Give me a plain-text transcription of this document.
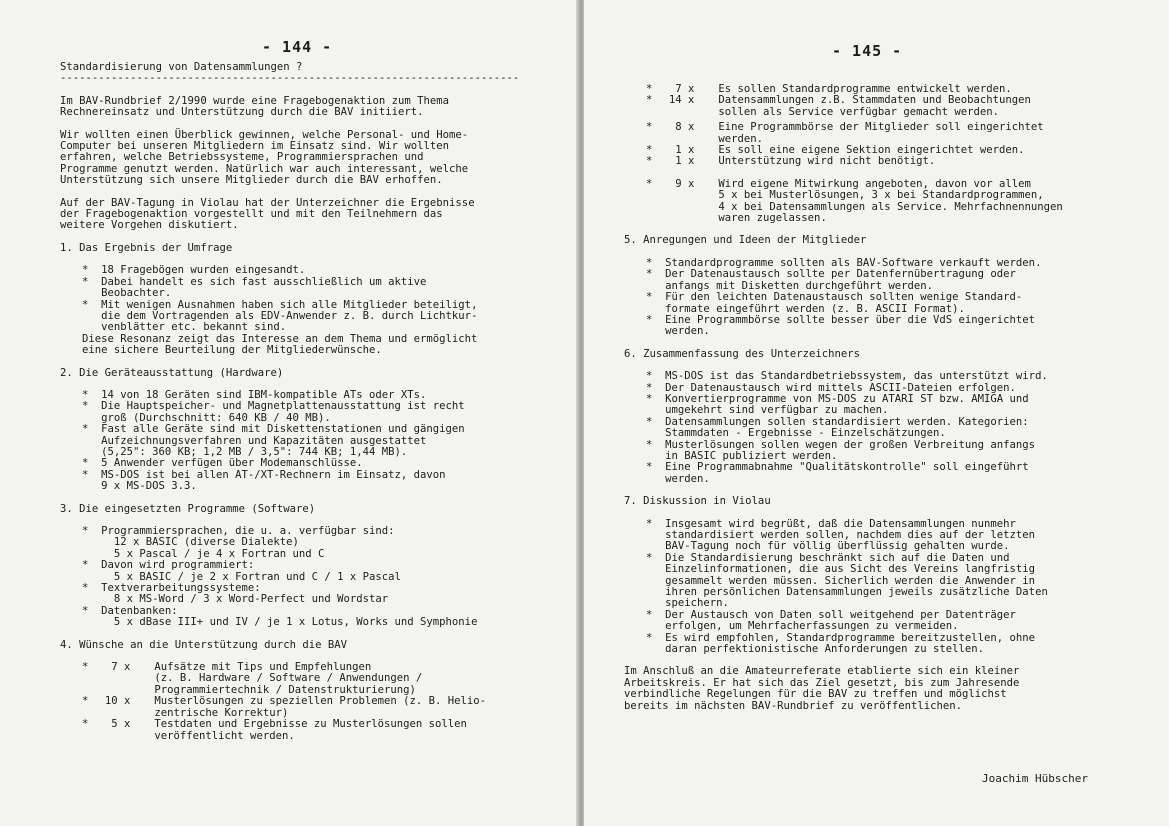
- 144 -
Standardisierung von Datensammlungen ?
------------------------------------------------------------------------
Im BAV-Rundbrief 2/1990 wurde eine Fragebogenaktion zum Thema
Rechnereinsatz und Unterstützung durch die BAV initiiert.
Wir wollten einen Überblick gewinnen, welche Personal- und Home-
Computer bei unseren Mitgliedern im Einsatz sind. Wir wollten
erfahren, welche Betriebssysteme, Programmiersprachen und
Programme genutzt werden. Natürlich war auch interessant, welche
Unterstützung sich unsere Mitglieder durch die BAV erhoffen.
Auf der BAV-Tagung in Violau hat der Unterzeichner die Ergebnisse
der Fragebogenaktion vorgestellt und mit den Teilnehmern das
weitere Vorgehen diskutiert.
1. Das Ergebnis der Umfrage
* 18 Fragebögen wurden eingesandt.
* Dabei handelt es sich fast ausschließlich um aktive
Beobachter.
* Mit wenigen Ausnahmen haben sich alle Mitglieder beteiligt,
die dem Vortragenden als EDV-Anwender z. B. durch Lichtkur-
venblätter etc. bekannt sind.
Diese Resonanz zeigt das Interesse an dem Thema und ermöglicht
eine sichere Beurteilung der Mitgliederwünsche.
2. Die Geräteausstattung (Hardware)
* 14 von 18 Geräten sind IBM-kompatible ATs oder XTs.
* Die Hauptspeicher- und Magnetplattenausstattung ist recht
groß (Durchschnitt: 640 KB / 40 MB).
* Fast alle Geräte sind mit Diskettenstationen und gängigen
Aufzeichnungsverfahren und Kapazitäten ausgestattet
(5,25": 360 KB; 1,2 MB / 3,5": 744 KB; 1,44 MB).
* 5 Anwender verfügen über Modemanschlüsse.
* MS-DOS ist bei allen AT-/XT-Rechnern im Einsatz, davon
9 x MS-DOS 3.3.
3. Die eingesetzten Programme (Software)
* Programmiersprachen, die u. a. verfügbar sind:
12 x BASIC (diverse Dialekte)
5 x Pascal / je 4 x Fortran und C
* Davon wird programmiert:
5 x BASIC / je 2 x Fortran und C / 1 x Pascal
* Textverarbeitungssysteme:
8 x MS-Word / 3 x Word-Perfect und Wordstar
* Datenbanken:
5 x dBase III+ und IV / je 1 x Lotus, Works und Symphonie
4. Wünsche an die Unterstützung durch die BAV
*	7 x	Aufsätze mit Tips und Empfehlungen
(z. B. Hardware / Software / Anwendungen /
Programmiertechnik / Datenstrukturierung)
*	10 x	Musterlösungen zu speziellen Problemen (z. B. Helio-
zentrische Korrektur)
*	5 x	Testdaten und Ergebnisse zu Musterlösungen sollen
veröffentlicht werden.
- 145 -
*	7 x	Es sollen Standardprogramme entwickelt werden.
*	14 x	Datensammlungen z.B. Stammdaten und Beobachtungen
sollen als Service verfügbar gemacht werden.
*	8 x	Eine Programmbörse der Mitglieder soll eingerichtet
werden.
*	1 x	Es soll eine eigene Sektion eingerichtet werden.
*	1 x	Unterstützung wird nicht benötigt.
*	9 x	Wird eigene Mitwirkung angeboten, davon vor allem
5 x bei Musterlösungen, 3 x bei Standardprogrammen,
4 x bei Datensammlungen als Service. Mehrfachnennungen
waren zugelassen.
5. Anregungen und Ideen der Mitglieder
* Standardprogramme sollten als BAV-Software verkauft werden.
* Der Datenaustausch sollte per Datenfernübertragung oder
anfangs mit Disketten durchgeführt werden.
* Für den leichten Datenaustausch sollten wenige Standard-
formate eingeführt werden (z. B. ASCII Format).
* Eine Programmbörse sollte besser über die VdS eingerichtet
werden.
6. Zusammenfassung des Unterzeichners
* MS-DOS ist das Standardbetriebssystem, das unterstützt wird.
* Der Datenaustausch wird mittels ASCII-Dateien erfolgen.
* Konvertierprogramme von MS-DOS zu ATARI ST bzw. AMIGA und
umgekehrt sind verfügbar zu machen.
* Datensammlungen sollen standardisiert werden. Kategorien:
Stammdaten - Ergebnisse - Einzelschätzungen.
* Musterlösungen sollen wegen der großen Verbreitung anfangs
in BASIC publiziert werden.
* Eine Programmabnahme "Qualitätskontrolle" soll eingeführt
werden.
7. Diskussion in Violau
* Insgesamt wird begrüßt, daß die Datensammlungen nunmehr
standardisiert werden sollen, nachdem dies auf der letzten
BAV-Tagung noch für völlig überflüssig gehalten wurde.
* Die Standardisierung beschränkt sich auf die Daten und
Einzelinformationen, die aus Sicht des Vereins langfristig
gesammelt werden müssen. Sicherlich werden die Anwender in
ihren persönlichen Datensammlungen jeweils zusätzliche Daten
speichern.
* Der Austausch von Daten soll weitgehend per Datenträger
erfolgen, um Mehrfacherfassungen zu vermeiden.
* Es wird empfohlen, Standardprogramme bereitzustellen, ohne
daran perfektionistische Anforderungen zu stellen.
Im Anschluß an die Amateurreferate etablierte sich ein kleiner
Arbeitskreis. Er hat sich das Ziel gesetzt, bis zum Jahresende
verbindliche Regelungen für die BAV zu treffen und möglichst
bereits im nächsten BAV-Rundbrief zu veröffentlichen.
Joachim Hübscher
